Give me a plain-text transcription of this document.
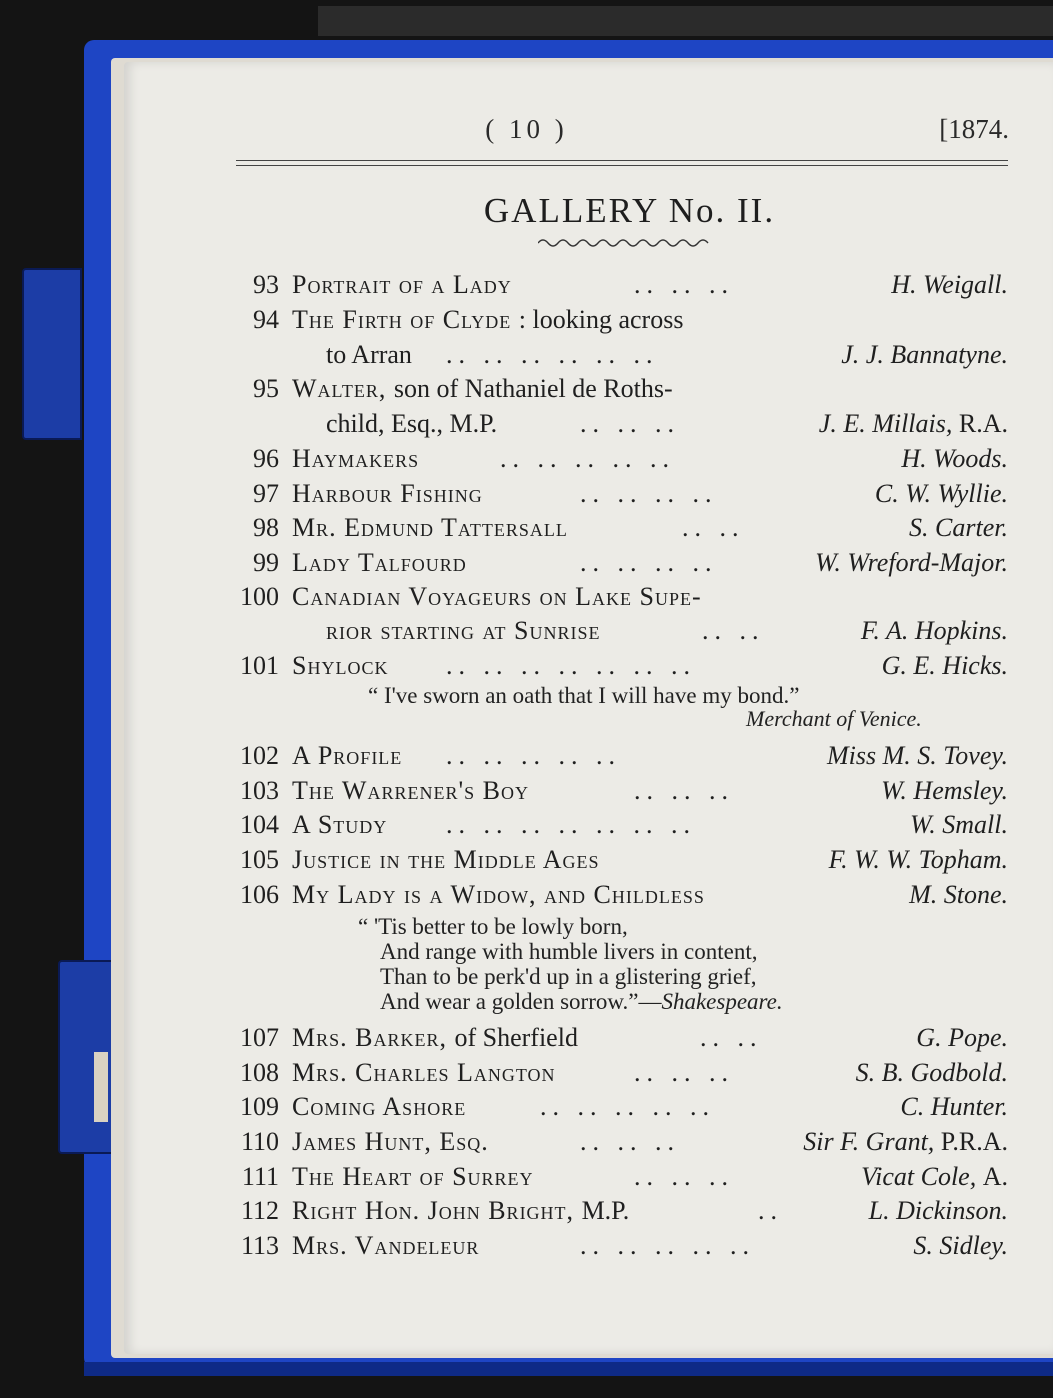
( 10 )	[1874.
GALLERY No. II.
93 Portrait of a Lady	.. .. ..	H. Weigall.
94 The Firth of Clyde : looking across
to Arran .. .. .. .. .. ..	J. J. Bannatyne.
95 Walter, son of Nathaniel de Roths-
child, Esq., M.P.	.. .. ..	J. E. Millais, R.A.
96 Haymakers	.. .. .. .. ..	H. Woods.
97 Harbour Fishing	.. .. .. ..	C. W. Wyllie.
98 Mr. Edmund Tattersall	.. ..	S. Carter.
99 Lady Talfourd	.. .. .. ..	W. Wreford-Major.
100 Canadian Voyageurs on Lake Supe-
rior starting at Sunrise	.. ..	F. A. Hopkins.
101 Shylock .. .. .. .. .. .. ..	G. E. Hicks.
102 A Profile .. .. .. .. ..	Miss M. S. Tovey.
103 The Warrener's Boy	.. .. ..	W. Hemsley.
104 A Study .. .. .. .. .. .. ..	W. Small.
105 Justice in the Middle Ages	F. W. W. Topham.
106 My Lady is a Widow, and Childless	M. Stone.
107 Mrs. Barker, of Sherfield	.. ..	G. Pope.
108 Mrs. Charles Langton	.. .. ..	S. B. Godbold.
109 Coming Ashore	.. .. .. .. ..	C. Hunter.
110 James Hunt, Esq.	.. .. ..	Sir F. Grant, P.R.A.
111 The Heart of Surrey	.. .. ..	Vicat Cole, A.
112 Right Hon. John Bright, M.P.	..	L. Dickinson.
113 Mrs. Vandeleur	.. .. .. .. ..	S. Sidley.
“ I've sworn an oath that I will have my bond.”
Merchant of Venice.
“ 'Tis better to be lowly born,
And range with humble livers in content,
Than to be perk'd up in a glistering grief,
And wear a golden sorrow.”—Shakespeare.
